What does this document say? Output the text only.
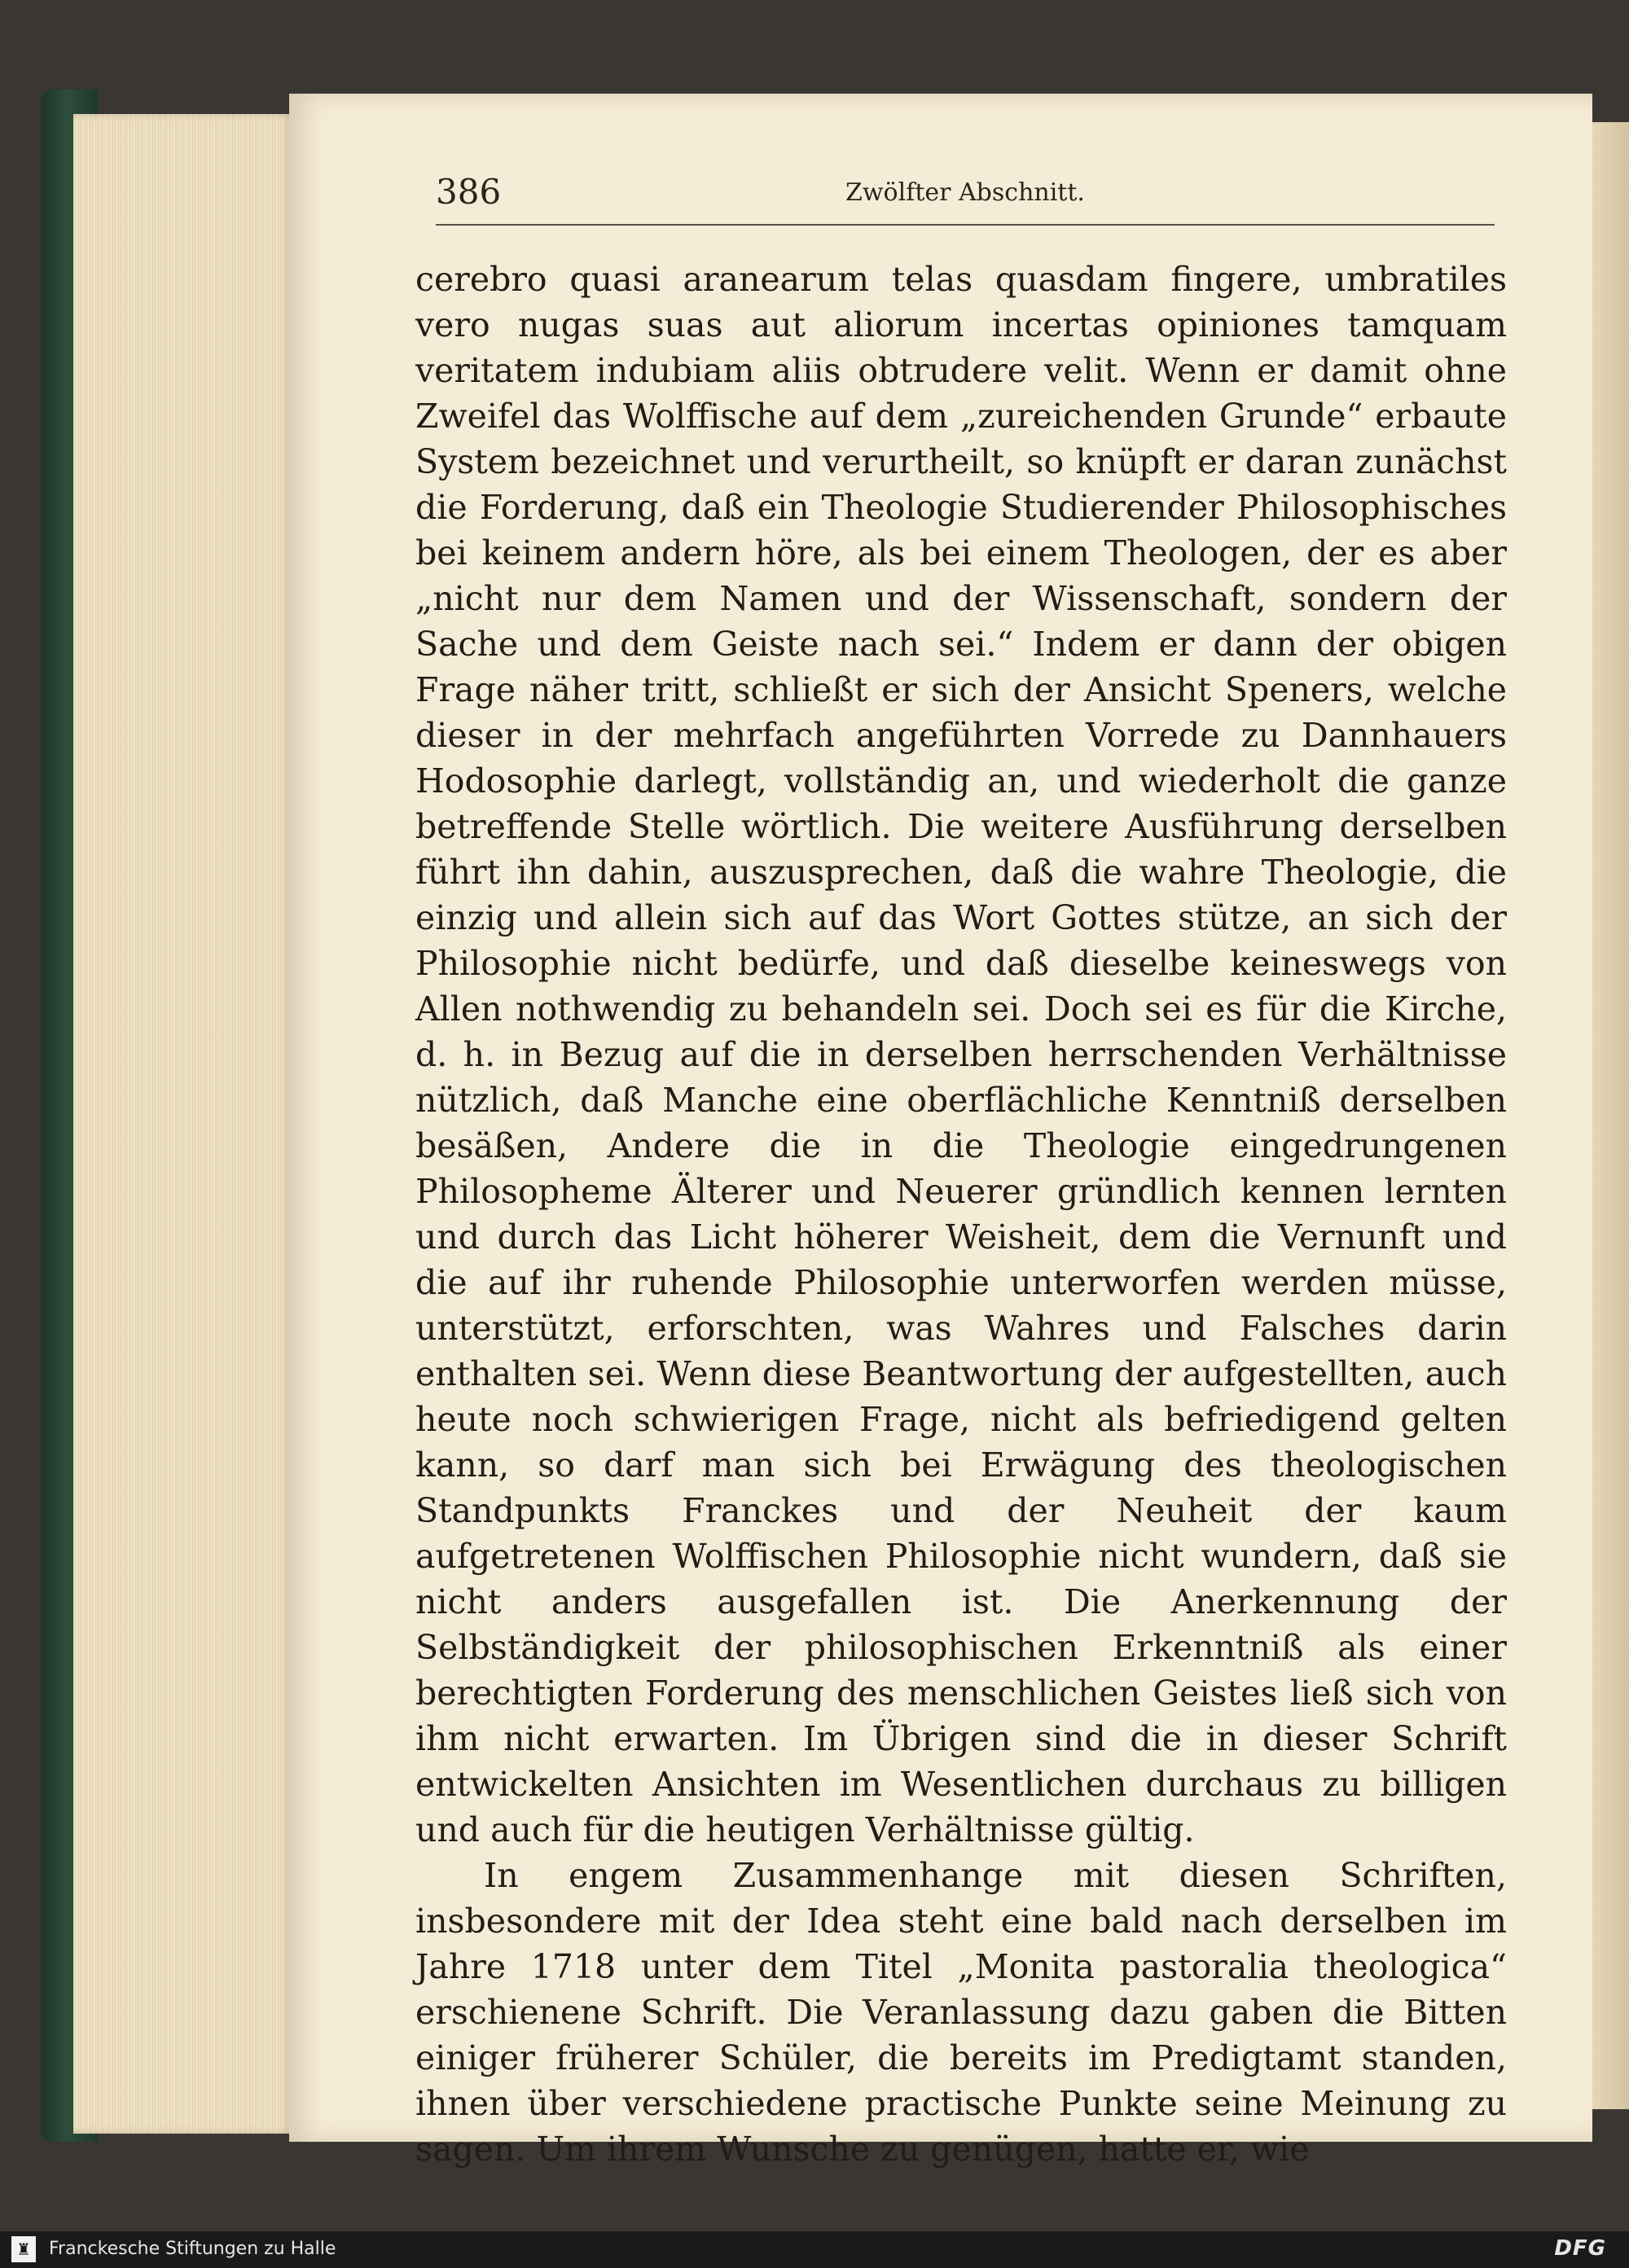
386	Zwölfter Abschnitt.

cerebro quasi aranearum telas quasdam fingere, umbratiles vero nugas suas aut aliorum incertas opiniones tamquam veritatem indubiam aliis obtrudere velit. Wenn er damit ohne Zweifel das Wolffische auf dem „zureichenden Grunde“ erbaute System bezeichnet und verurtheilt, so knüpft er daran zunächst die Forderung, daß ein Theologie Studierender Philosophisches bei keinem andern höre, als bei einem Theologen, der es aber „nicht nur dem Namen und der Wissenschaft, sondern der Sache und dem Geiste nach sei.“ Indem er dann der obigen Frage näher tritt, schließt er sich der Ansicht Speners, welche dieser in der mehrfach angeführten Vorrede zu Dannhauers Hodosophie darlegt, vollständig an, und wiederholt die ganze betreffende Stelle wörtlich. Die weitere Ausführung derselben führt ihn dahin, auszusprechen, daß die wahre Theologie, die einzig und allein sich auf das Wort Gottes stütze, an sich der Philosophie nicht bedürfe, und daß dieselbe keineswegs von Allen nothwendig zu behandeln sei. Doch sei es für die Kirche, d. h. in Bezug auf die in derselben herrschenden Verhältnisse nützlich, daß Manche eine oberflächliche Kenntniß derselben besäßen, Andere die in die Theologie eingedrungenen Philosopheme Älterer und Neuerer gründlich kennen lernten und durch das Licht höherer Weisheit, dem die Vernunft und die auf ihr ruhende Philosophie unterworfen werden müsse, unterstützt, erforschten, was Wahres und Falsches darin enthalten sei. Wenn diese Beantwortung der aufgestellten, auch heute noch schwierigen Frage, nicht als befriedigend gelten kann, so darf man sich bei Erwägung des theologischen Standpunkts Franckes und der Neuheit der kaum aufgetretenen Wolffischen Philosophie nicht wundern, daß sie nicht anders ausgefallen ist. Die Anerkennung der Selbständigkeit der philosophischen Erkenntniß als einer berechtigten Forderung des menschlichen Geistes ließ sich von ihm nicht erwarten. Im Übrigen sind die in dieser Schrift entwickelten Ansichten im Wesentlichen durchaus zu billigen und auch für die heutigen Verhältnisse gültig.

In engem Zusammenhange mit diesen Schriften, insbesondere mit der Idea steht eine bald nach derselben im Jahre 1718 unter dem Titel „Monita pastoralia theologica“ erschienene Schrift. Die Veranlassung dazu gaben die Bitten einiger früherer Schüler, die bereits im Predigtamt standen, ihnen über verschiedene practische Punkte seine Meinung zu sagen. Um ihrem Wunsche zu genügen, hatte er, wie

♜ Franckesche Stiftungen zu Halle	DFG
